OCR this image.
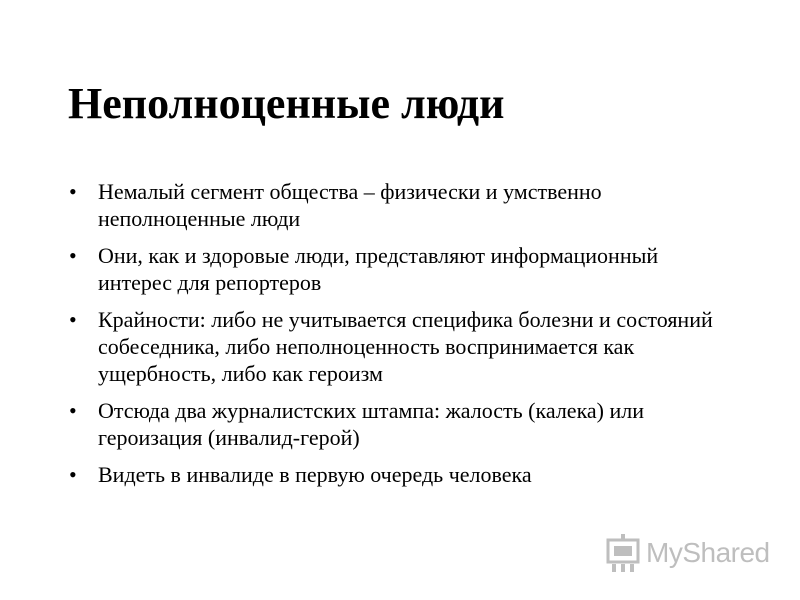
Неполноценные люди
• Немалый сегмент общества – физически и умственно неполноценные люди
• Они, как и здоровые люди, представляют информационный интерес для репортеров
• Крайности: либо не учитывается специфика болезни и состояний собеседника, либо неполноценность воспринимается как ущербность, либо как героизм
• Отсюда два журналистских штампа: жалость (калека) или героизация (инвалид-герой)
• Видеть в инвалиде в первую очередь человека
MyShared
